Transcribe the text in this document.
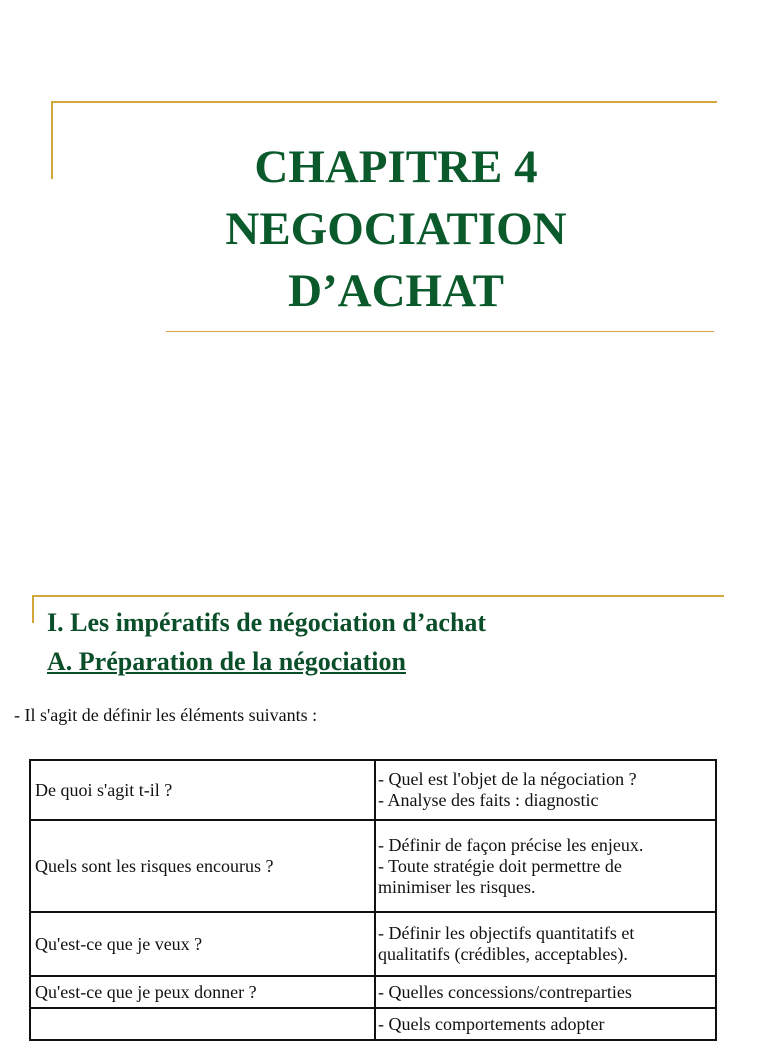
CHAPITRE 4
NEGOCIATION
D’ACHAT
I. Les impératifs de négociation d’achat
A. Préparation de la négociation
- Il s'agit de définir les éléments suivants :
De quoi s'agit t-il ?	- Quel est l'objet de la négociation ?
- Analyse des faits : diagnostic

Quels sont les risques encourus ?	- Définir de façon précise les enjeux.
- Toute stratégie doit permettre de
minimiser les risques.

Qu'est-ce que je veux ?	- Définir les objectifs quantitatifs et
qualitatifs (crédibles, acceptables).

Qu'est-ce que je peux donner ?	- Quelles concessions/contreparties

	- Quels comportements adopter
